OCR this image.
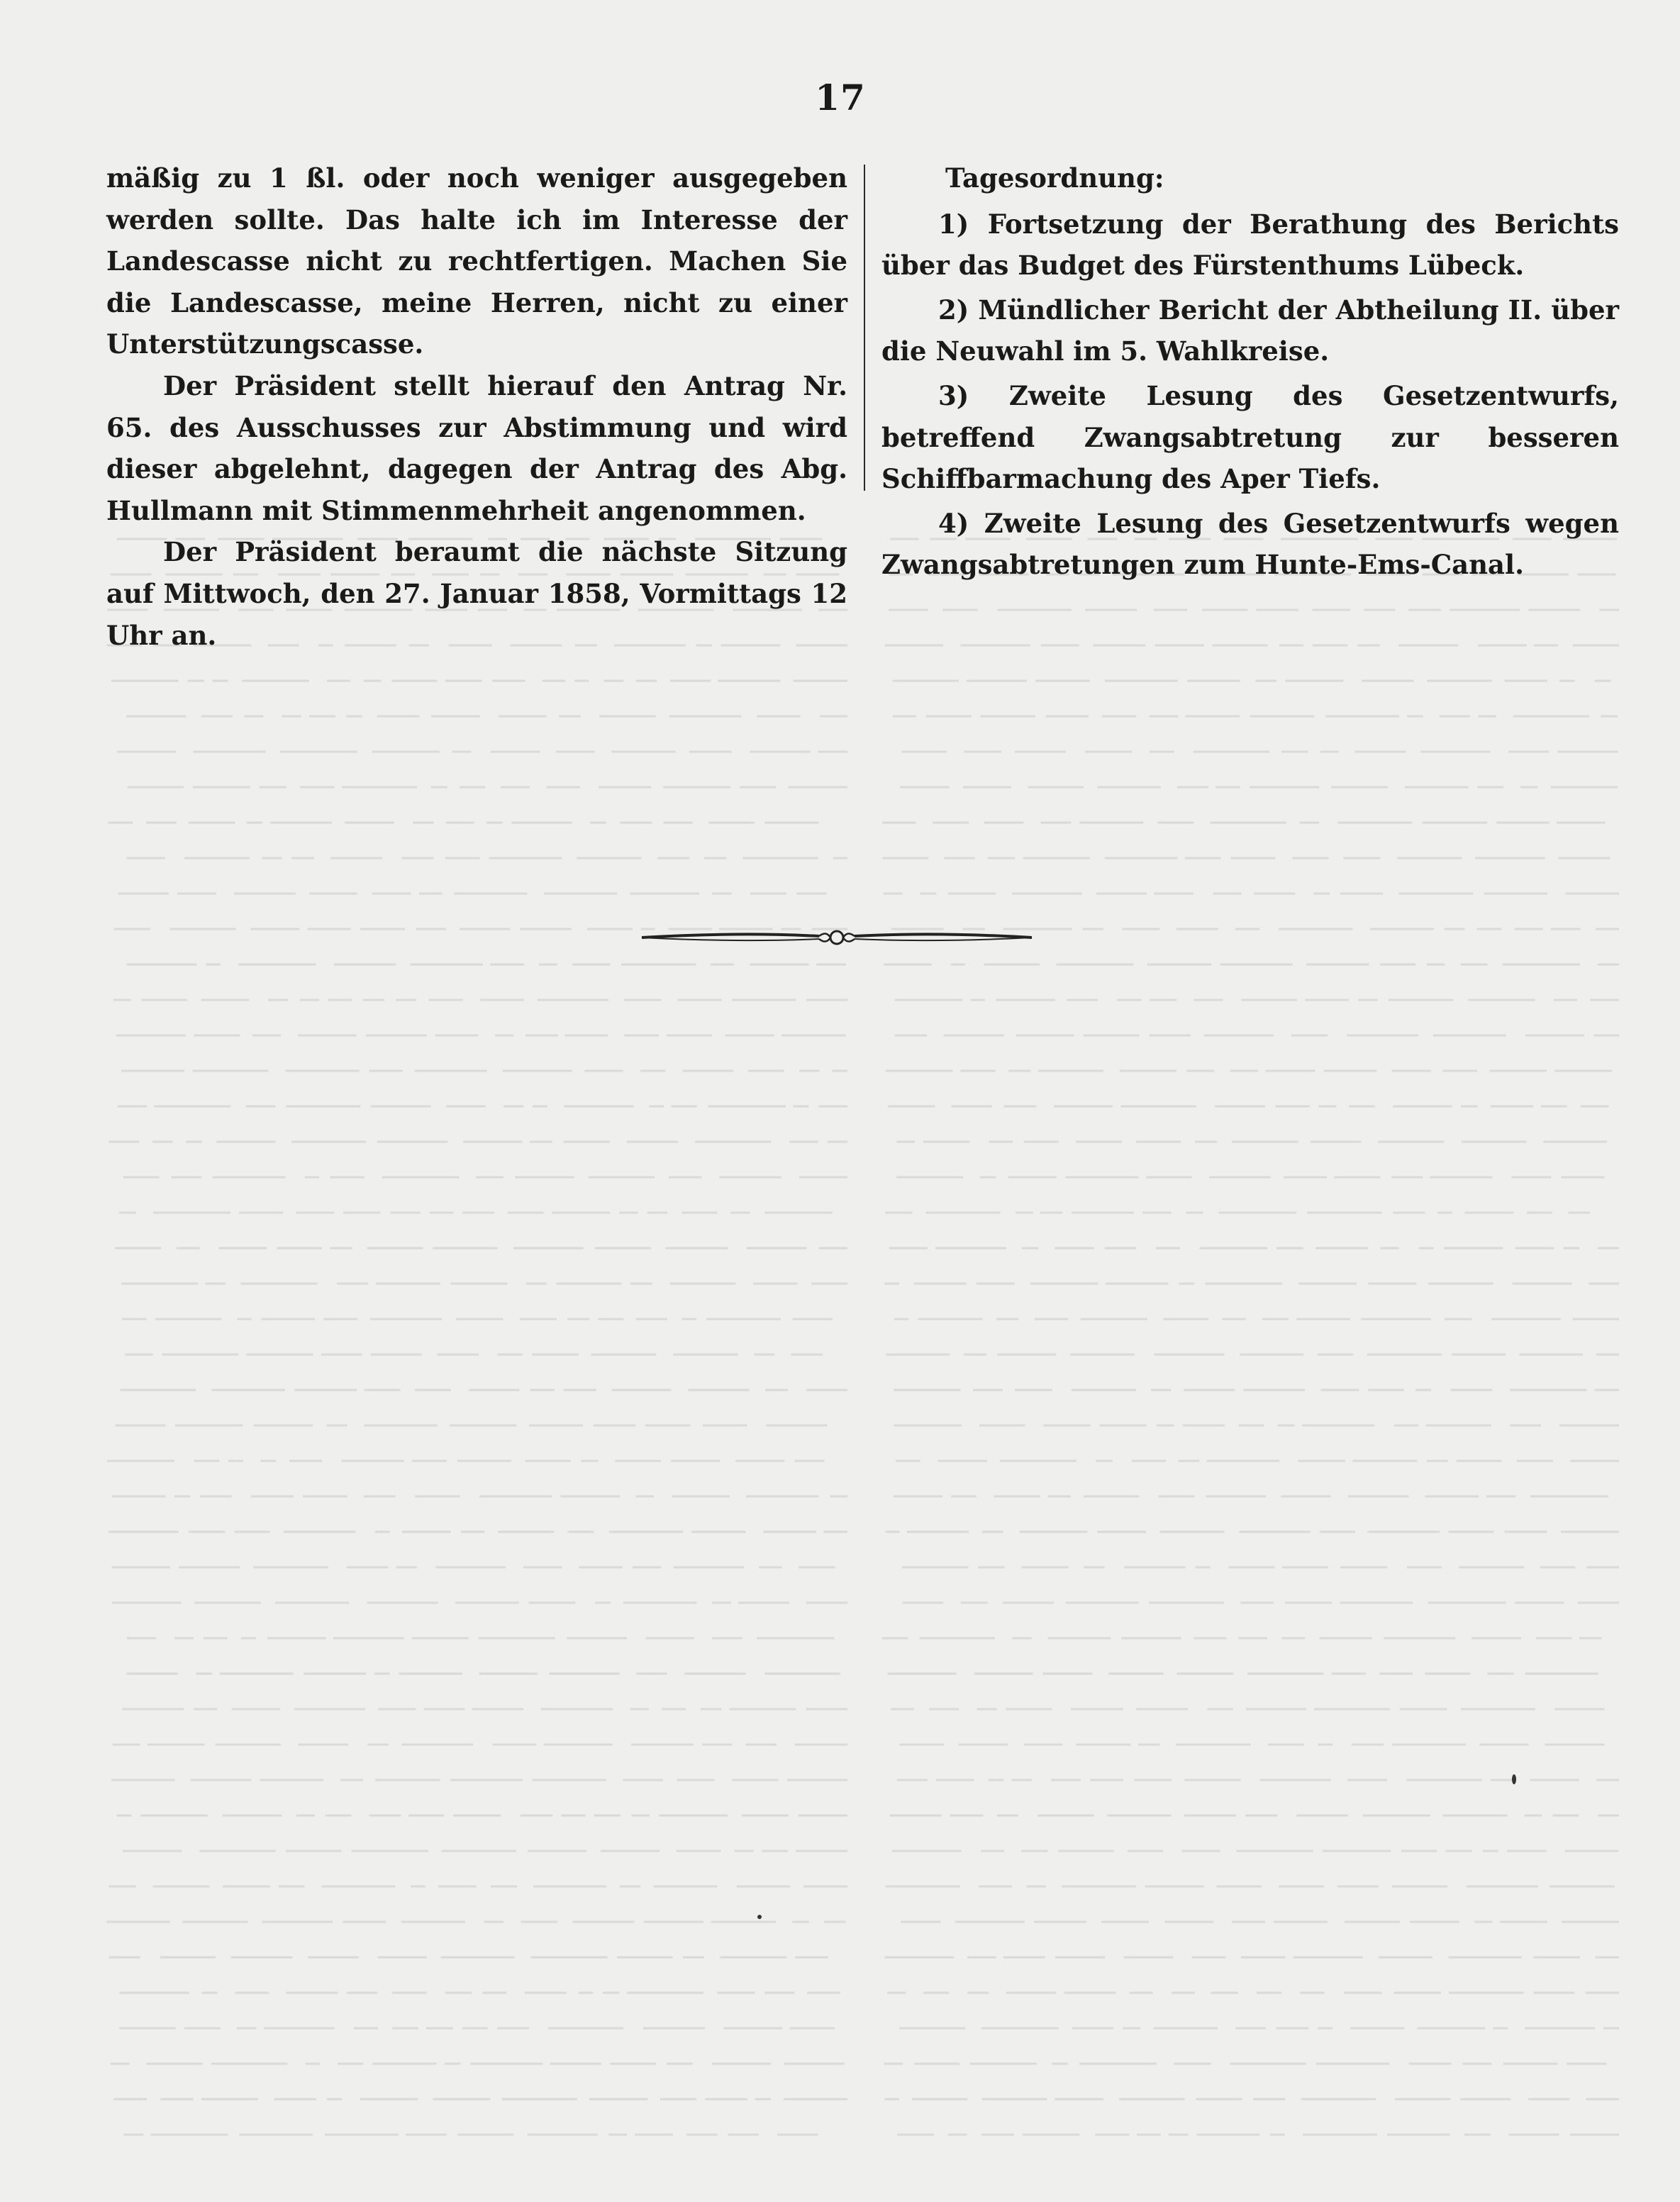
17

mäßig zu 1 ßl. oder noch weniger ausgegeben werden sollte. Das halte ich im Interesse der Landescasse nicht zu rechtfertigen. Machen Sie die Landescasse, meine Herren, nicht zu einer Unterstützungscasse.

Der Präsident stellt hierauf den Antrag Nr. 65. des Ausschusses zur Abstimmung und wird dieser abgelehnt, dagegen der Antrag des Abg. Hullmann mit Stimmenmehrheit angenommen.

Der Präsident beraumt die nächste Sitzung auf Mittwoch, den 27. Januar 1858, Vormittags 12 Uhr an.

Tagesordnung:

1) Fortsetzung der Berathung des Berichts über das Budget des Fürstenthums Lübeck.

2) Mündlicher Bericht der Abtheilung II. über die Neuwahl im 5. Wahlkreise.

3) Zweite Lesung des Gesetzentwurfs, betreffend Zwangsabtretung zur besseren Schiffbarmachung des Aper Tiefs.

4) Zweite Lesung des Gesetzentwurfs wegen Zwangsabtretungen zum Hunte-Ems-Canal.
